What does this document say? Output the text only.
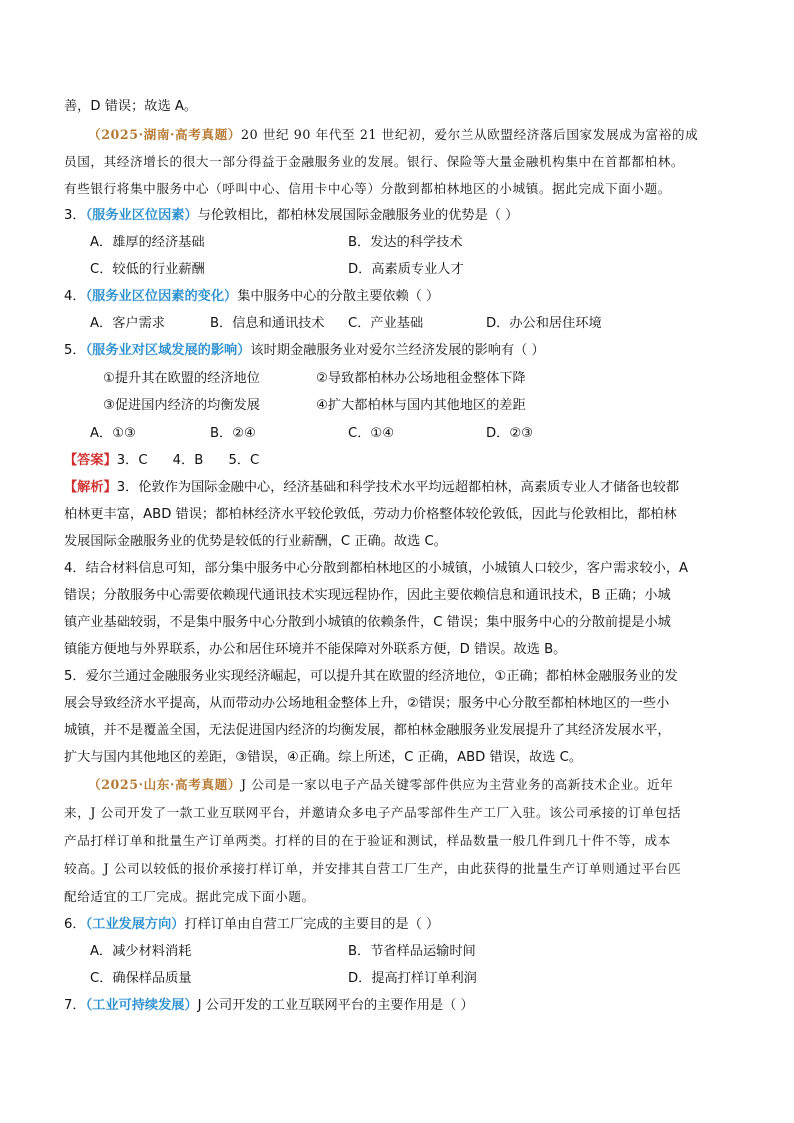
善，D 错误；故选 A。
（2025·湖南·高考真题）20 世纪 90 年代至 21 世纪初，爱尔兰从欧盟经济落后国家发展成为富裕的成
员国，其经济增长的很大一部分得益于金融服务业的发展。银行、保险等大量金融机构集中在首都都柏林。
有些银行将集中服务中心（呼叫中心、信用卡中心等）分散到都柏林地区的小城镇。据此完成下面小题。
3．（服务业区位因素）与伦敦相比，都柏林发展国际金融服务业的优势是（ ）
A．雄厚的经济基础	B．发达的科学技术
C．较低的行业薪酬	D．高素质专业人才
4．（服务业区位因素的变化）集中服务中心的分散主要依赖（ ）
A．客户需求	B．信息和通讯技术 C．产业基础	D．办公和居住环境
5．（服务业对区域发展的影响）该时期金融服务业对爱尔兰经济发展的影响有（ ）
①提升其在欧盟的经济地位	②导致都柏林办公场地租金整体下降
③促进国内经济的均衡发展	④扩大都柏林与国内其他地区的差距
A．①③	B．②④	C．①④	D．②③
【答案】3．C      4．B      5．C
【解析】3．伦敦作为国际金融中心，经济基础和科学技术水平均远超都柏林，高素质专业人才储备也较都
柏林更丰富，ABD 错误；都柏林经济水平较伦敦低，劳动力价格整体较伦敦低，因此与伦敦相比，都柏林
发展国际金融服务业的优势是较低的行业薪酬，C 正确。故选 C。
4．结合材料信息可知，部分集中服务中心分散到都柏林地区的小城镇，小城镇人口较少，客户需求较小，A
错误；分散服务中心需要依赖现代通讯技术实现远程协作，因此主要依赖信息和通讯技术，B 正确；小城
镇产业基础较弱，不是集中服务中心分散到小城镇的依赖条件，C 错误；集中服务中心的分散前提是小城
镇能方便地与外界联系，办公和居住环境并不能保障对外联系方便，D 错误。故选 B。
5．爱尔兰通过金融服务业实现经济崛起，可以提升其在欧盟的经济地位，①正确；都柏林金融服务业的发
展会导致经济水平提高，从而带动办公场地租金整体上升，②错误；服务中心分散至都柏林地区的一些小
城镇，并不是覆盖全国，无法促进国内经济的均衡发展，都柏林金融服务业发展提升了其经济发展水平，
扩大与国内其他地区的差距，③错误，④正确。综上所述，C 正确，ABD 错误，故选 C。
（2025·山东·高考真题）J 公司是一家以电子产品关键零部件供应为主营业务的高新技术企业。近年
来，J 公司开发了一款工业互联网平台，并邀请众多电子产品零部件生产工厂入驻。该公司承接的订单包括
产品打样订单和批量生产订单两类。打样的目的在于验证和测试，样品数量一般几件到几十件不等，成本
较高。J 公司以较低的报价承接打样订单，并安排其自营工厂生产，由此获得的批量生产订单则通过平台匹
配给适宜的工厂完成。据此完成下面小题。
6．（工业发展方向）打样订单由自营工厂完成的主要目的是（ ）
A．减少材料消耗	B．节省样品运输时间
C．确保样品质量	D．提高打样订单利润
7．（工业可持续发展）J 公司开发的工业互联网平台的主要作用是（ ）
